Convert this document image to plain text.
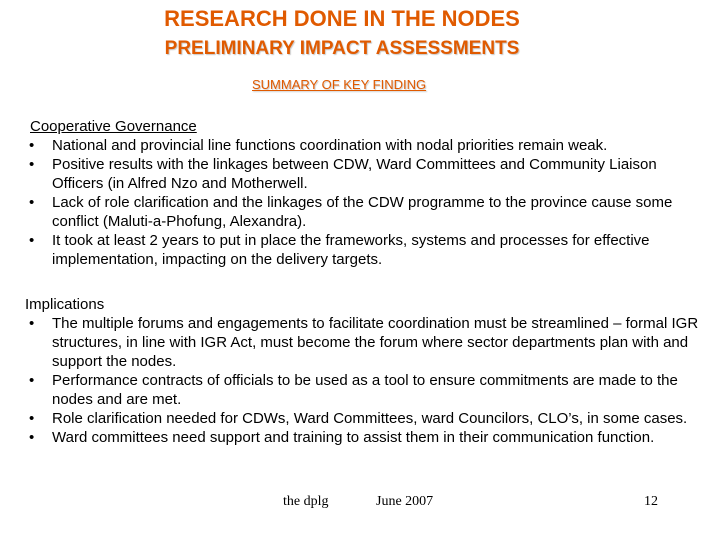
RESEARCH DONE IN THE NODES
PRELIMINARY IMPACT ASSESSMENTS
SUMMARY OF KEY FINDING
Cooperative Governance
• National and provincial line functions coordination with nodal priorities remain weak.
• Positive results with the linkages between CDW, Ward Committees and Community Liaison Officers (in Alfred Nzo and Motherwell.
• Lack of role clarification and the linkages of the CDW programme to the province cause some conflict (Maluti-a-Phofung, Alexandra).
• It took at least 2 years to put in place the frameworks, systems and processes for effective implementation, impacting on the delivery targets.
Implications
• The multiple forums and engagements to facilitate coordination must be streamlined – formal IGR structures, in line with IGR Act, must become the forum where sector departments plan with and support the nodes.
• Performance contracts of officials to be used as a tool to ensure commitments are made to the nodes and are met.
• Role clarification needed for CDWs, Ward Committees, ward Councilors, CLO’s, in some cases.
• Ward committees need support and training to assist them in their communication function.
the dplg	June 2007	12
